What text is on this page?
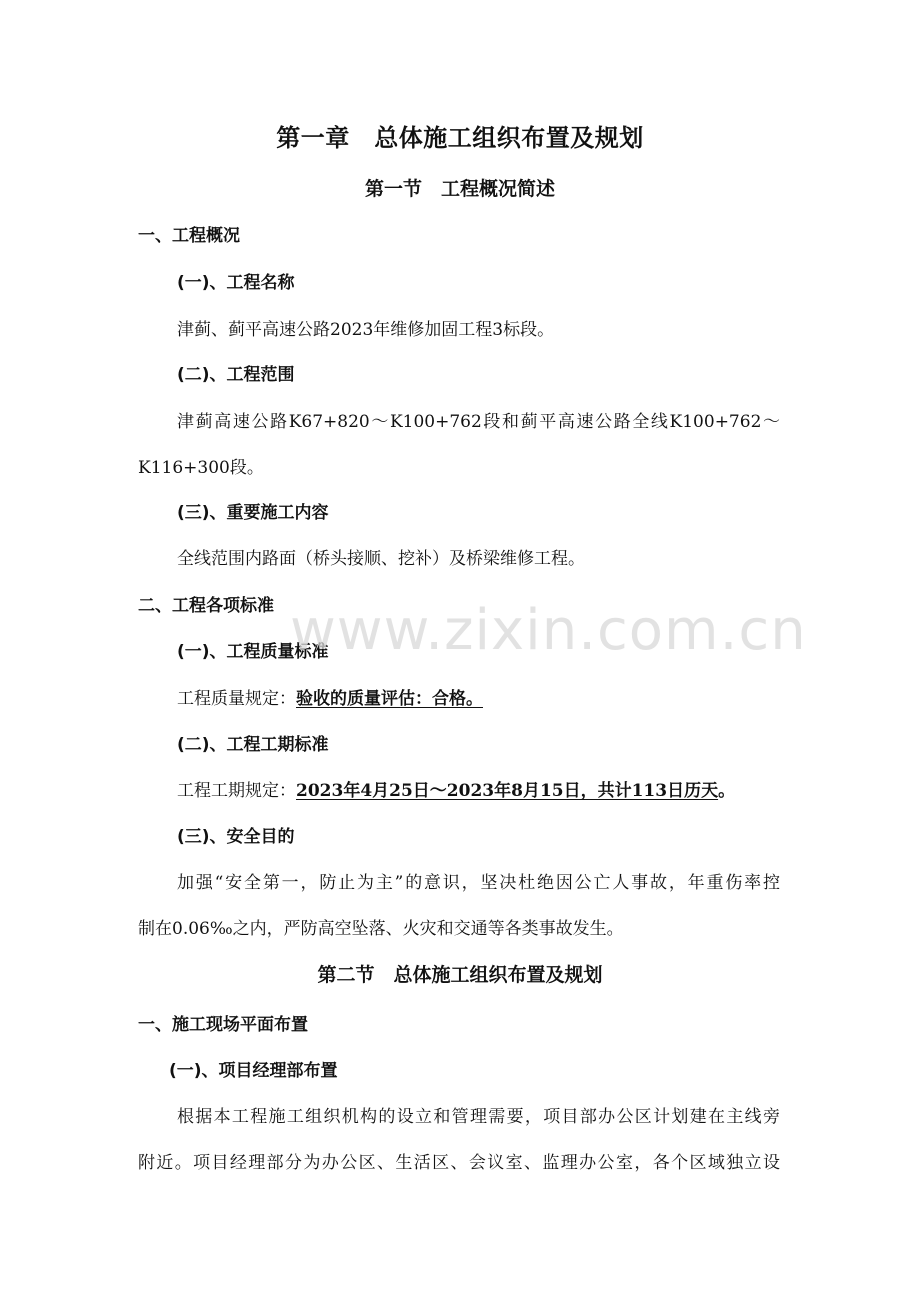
第一章　总体施工组织布置及规划
第一节　工程概况简述
一、工程概况
(一)、工程名称
津蓟、蓟平高速公路2023年维修加固工程3标段。
(二)、工程范围
津蓟高速公路K67+820～K100+762段和蓟平高速公路全线K100+762～
K116+300段。
(三)、重要施工内容
全线范围内路面（桥头接顺、挖补）及桥梁维修工程。
二、工程各项标准
(一)、工程质量标准
工程质量规定：验收的质量评估：合格。
(二)、工程工期标准
工程工期规定：2023年4月25日～2023年8月15日，共计113日历天。
(三)、安全目的
加强“安全第一，防止为主”的意识，坚决杜绝因公亡人事故，年重伤率控
制在0.06‰之内，严防高空坠落、火灾和交通等各类事故发生。
第二节　总体施工组织布置及规划
一、施工现场平面布置
(一)、项目经理部布置
根据本工程施工组织机构的设立和管理需要，项目部办公区计划建在主线旁
附近。项目经理部分为办公区、生活区、会议室、监理办公室，各个区域独立设
www.zixin.com.cn
